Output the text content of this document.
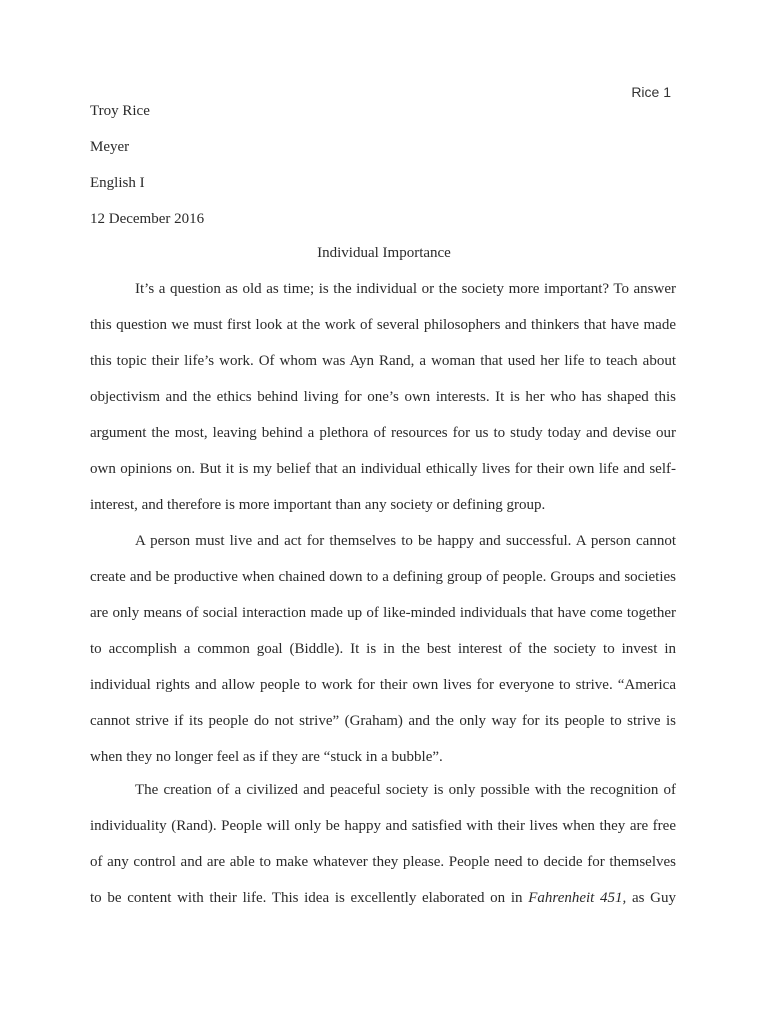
Rice 1
Troy Rice
Meyer
English I
12 December 2016
Individual Importance
It’s a question as old as time; is the individual or the society more important? To answer
this question we must first look at the work of several philosophers and thinkers that have made
this topic their life’s work. Of whom was Ayn Rand, a woman that used her life to teach about
objectivism and the ethics behind living for one’s own interests. It is her who has shaped this
argument the most, leaving behind a plethora of resources for us to study today and devise our
own opinions on. But it is my belief that an individual ethically lives for their own life and self-
interest, and therefore is more important than any society or defining group.
A person must live and act for themselves to be happy and successful. A person cannot
create and be productive when chained down to a defining group of people. Groups and societies
are only means of social interaction made up of like-minded individuals that have come together
to accomplish a common goal (Biddle). It is in the best interest of the society to invest in
individual rights and allow people to work for their own lives for everyone to strive. “America
cannot strive if its people do not strive” (Graham) and the only way for its people to strive is
when they no longer feel as if they are “stuck in a bubble”.
The creation of a civilized and peaceful society is only possible with the recognition of
individuality (Rand). People will only be happy and satisfied with their lives when they are free
of any control and are able to make whatever they please. People need to decide for themselves
to be content with their life. This idea is excellently elaborated on in Fahrenheit 451, as Guy
